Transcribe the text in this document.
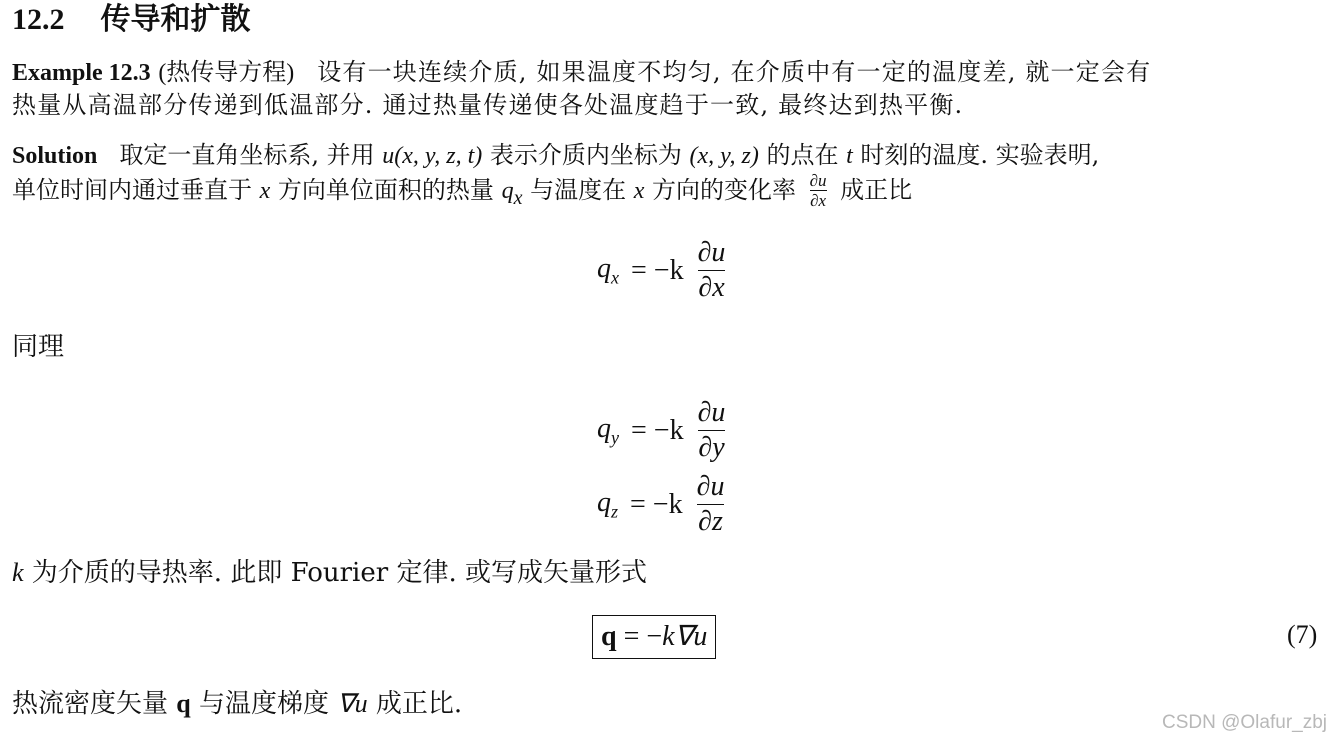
12.2 传导和扩散
Example 12.3 (热传导方程) 设有一块连续介质, 如果温度不均匀, 在介质中有一定的温度差, 就一定会有
热量从高温部分传递到低温部分. 通过热量传递使各处温度趋于一致, 最终达到热平衡.
Solution 取定一直角坐标系, 并用 u(x, y, z, t) 表示介质内坐标为 (x, y, z) 的点在 t 时刻的温度. 实验表明,
单位时间内通过垂直于 x 方向单位面积的热量 $q_x$ 与温度在 x 方向的变化率 $\frac{\partial u}{\partial x}$ 成正比
$q_x = -k \frac{\partial u}{\partial x}$
同理
$q_y = -k \frac{\partial u}{\partial y}$
$q_z = -k \frac{\partial u}{\partial z}$
k 为介质的导热率. 此即 Fourier 定律. 或写成矢量形式
q = −k∇u	(7)
热流密度矢量 q 与温度梯度 ∇u 成正比.
CSDN @Olafur_zbj
